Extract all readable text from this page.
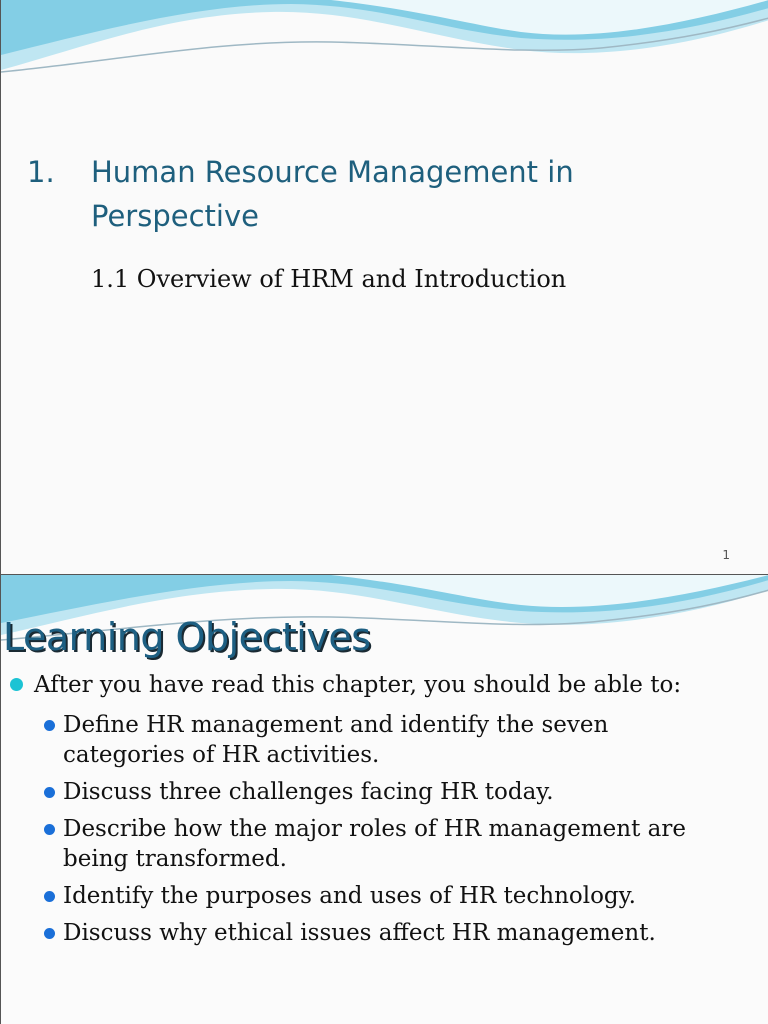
1. Human Resource Management in Perspective
1.1 Overview of HRM and Introduction
1
Learning Objectives
After you have read this chapter, you should be able to:
Define HR management and identify the seven categories of HR activities.
Discuss three challenges facing HR today.
Describe how the major roles of HR management are being transformed.
Identify the purposes and uses of HR technology.
Discuss why ethical issues affect HR management.
